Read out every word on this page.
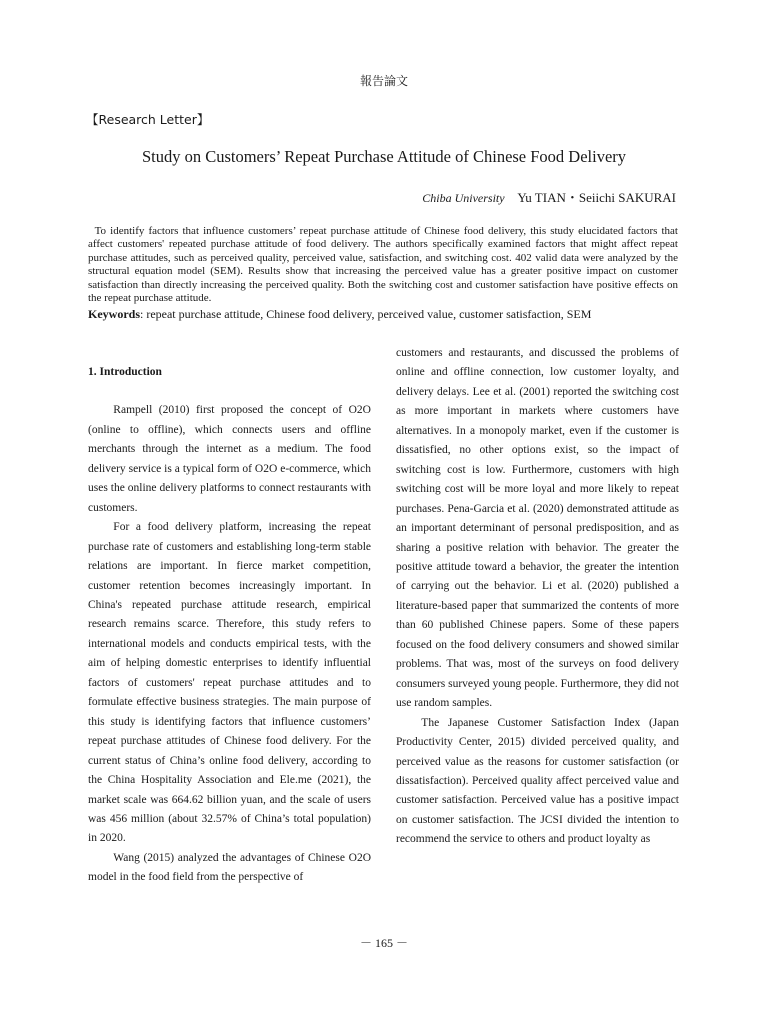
報告論文
【Research Letter】
Study on Customers’ Repeat Purchase Attitude of Chinese Food Delivery
Chiba University Yu TIAN・Seiichi SAKURAI

To identify factors that influence customers’ repeat purchase attitude of Chinese food delivery, this study elucidated factors that affect customers' repeated purchase attitude of food delivery. The authors specifically examined factors that might affect repeat purchase attitudes, such as perceived quality, perceived value, satisfaction, and switching cost. 402 valid data were analyzed by the structural equation model (SEM). Results show that increasing the perceived value has a greater positive impact on customer satisfaction than directly increasing the perceived quality. Both the switching cost and customer satisfaction have positive effects on the repeat purchase attitude.

Keywords: repeat purchase attitude, Chinese food delivery, perceived value, customer satisfaction, SEM

1. Introduction

Rampell (2010) first proposed the concept of O2O (online to offline), which connects users and offline merchants through the internet as a medium. The food delivery service is a typical form of O2O e-commerce, which uses the online delivery platforms to connect restaurants with customers.

For a food delivery platform, increasing the repeat purchase rate of customers and establishing long-term stable relations are important. In fierce market competition, customer retention becomes increasingly important. In China's repeated purchase attitude research, empirical research remains scarce. Therefore, this study refers to international models and conducts empirical tests, with the aim of helping domestic enterprises to identify influential factors of customers' repeat purchase attitudes and to formulate effective business strategies. The main purpose of this study is identifying factors that influence customers’ repeat purchase attitudes of Chinese food delivery. For the current status of China’s online food delivery, according to the China Hospitality Association and Ele.me (2021), the market scale was 664.62 billion yuan, and the scale of users was 456 million (about 32.57% of China’s total population) in 2020.

Wang (2015) analyzed the advantages of Chinese O2O model in the food field from the perspective of

customers and restaurants, and discussed the problems of online and offline connection, low customer loyalty, and delivery delays. Lee et al. (2001) reported the switching cost as more important in markets where customers have alternatives. In a monopoly market, even if the customer is dissatisfied, no other options exist, so the impact of switching cost is low. Furthermore, customers with high switching cost will be more loyal and more likely to repeat purchases. Pena-Garcia et al. (2020) demonstrated attitude as an important determinant of personal predisposition, and as sharing a positive relation with behavior. The greater the positive attitude toward a behavior, the greater the intention of carrying out the behavior. Li et al. (2020) published a literature-based paper that summarized the contents of more than 60 published Chinese papers. Some of these papers focused on the food delivery consumers and showed similar problems. That was, most of the surveys on food delivery consumers surveyed young people. Furthermore, they did not use random samples.

The Japanese Customer Satisfaction Index (Japan Productivity Center, 2015) divided perceived quality, and perceived value as the reasons for customer satisfaction (or dissatisfaction). Perceived quality affect perceived value and customer satisfaction. Perceived value has a positive impact on customer satisfaction. The JCSI divided the intention to recommend the service to others and product loyalty as

－ 165 －
